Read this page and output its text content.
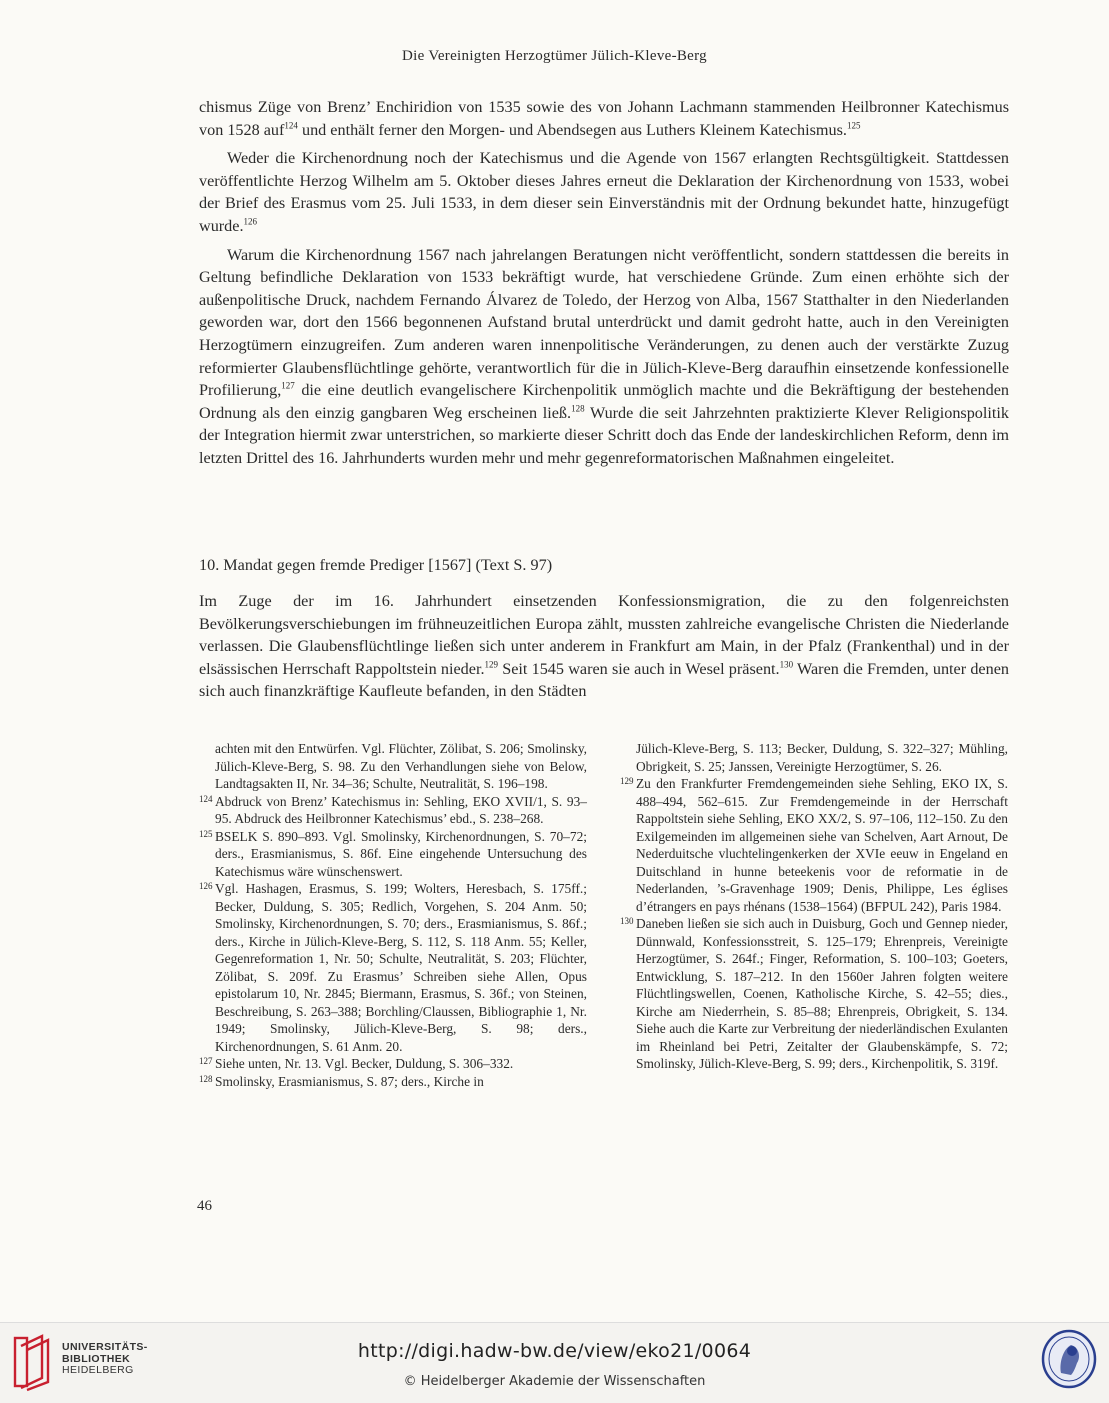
Die Vereinigten Herzogtümer Jülich-Kleve-Berg

chismus Züge von Brenz’ Enchiridion von 1535 sowie des von Johann Lachmann stammenden Heilbronner Katechismus von 1528 auf$^{124}$ und enthält ferner den Morgen- und Abendsegen aus Luthers Kleinem Katechismus.$^{125}$

Weder die Kirchenordnung noch der Katechismus und die Agende von 1567 erlangten Rechtsgültigkeit. Stattdessen veröffentlichte Herzog Wilhelm am 5. Oktober dieses Jahres erneut die Deklaration der Kirchenordnung von 1533, wobei der Brief des Erasmus vom 25. Juli 1533, in dem dieser sein Einverständnis mit der Ordnung bekundet hatte, hinzugefügt wurde.$^{126}$

Warum die Kirchenordnung 1567 nach jahrelangen Beratungen nicht veröffentlicht, sondern stattdessen die bereits in Geltung befindliche Deklaration von 1533 bekräftigt wurde, hat verschiedene Gründe. Zum einen erhöhte sich der außenpolitische Druck, nachdem Fernando Álvarez de Toledo, der Herzog von Alba, 1567 Statthalter in den Niederlanden geworden war, dort den 1566 begonnenen Aufstand brutal unterdrückt und damit gedroht hatte, auch in den Vereinigten Herzogtümern einzugreifen. Zum anderen waren innenpolitische Veränderungen, zu denen auch der verstärkte Zuzug reformierter Glaubensflüchtlinge gehörte, verantwortlich für die in Jülich-Kleve-Berg daraufhin einsetzende konfessionelle Profilierung,$^{127}$ die eine deutlich evangelischere Kirchenpolitik unmöglich machte und die Bekräftigung der bestehenden Ordnung als den einzig gangbaren Weg erscheinen ließ.$^{128}$ Wurde die seit Jahrzehnten praktizierte Klever Religionspolitik der Integration hiermit zwar unterstrichen, so markierte dieser Schritt doch das Ende der landeskirchlichen Reform, denn im letzten Drittel des 16. Jahrhunderts wurden mehr und mehr gegenreformatorischen Maßnahmen eingeleitet.

10. Mandat gegen fremde Prediger [1567] (Text S. 97)

Im Zuge der im 16. Jahrhundert einsetzenden Konfessionsmigration, die zu den folgenreichsten Bevölkerungsverschiebungen im frühneuzeitlichen Europa zählt, mussten zahlreiche evangelische Christen die Niederlande verlassen. Die Glaubensflüchtlinge ließen sich unter anderem in Frankfurt am Main, in der Pfalz (Frankenthal) und in der elsässischen Herrschaft Rappoltstein nieder.$^{129}$ Seit 1545 waren sie auch in Wesel präsent.$^{130}$ Waren die Fremden, unter denen sich auch finanzkräftige Kaufleute befanden, in den Städten

achten mit den Entwürfen. Vgl. Flüchter, Zölibat, S. 206; Smolinsky, Jülich-Kleve-Berg, S. 98. Zu den Verhandlungen siehe von Below, Landtagsakten II, Nr. 34–36; Schulte, Neutralität, S. 196–198.

124 Abdruck von Brenz’ Katechismus in: Sehling, EKO XVII/1, S. 93–95. Abdruck des Heilbronner Katechismus’ ebd., S. 238–268.

125 BSELK S. 890–893. Vgl. Smolinsky, Kirchenordnungen, S. 70–72; ders., Erasmianismus, S. 86f. Eine eingehende Untersuchung des Katechismus wäre wünschenswert.

126 Vgl. Hashagen, Erasmus, S. 199; Wolters, Heresbach, S. 175ff.; Becker, Duldung, S. 305; Redlich, Vorgehen, S. 204 Anm. 50; Smolinsky, Kirchenordnungen, S. 70; ders., Erasmianismus, S. 86f.; ders., Kirche in Jülich-Kleve-Berg, S. 112, S. 118 Anm. 55; Keller, Gegenreformation 1, Nr. 50; Schulte, Neutralität, S. 203; Flüchter, Zölibat, S. 209f. Zu Erasmus’ Schreiben siehe Allen, Opus epistolarum 10, Nr. 2845; Biermann, Erasmus, S. 36f.; von Steinen, Beschreibung, S. 263–388; Borchling/Claussen, Bibliographie 1, Nr. 1949; Smolinsky, Jülich-Kleve-Berg, S. 98; ders., Kirchenordnungen, S. 61 Anm. 20.

127 Siehe unten, Nr. 13. Vgl. Becker, Duldung, S. 306–332.

128 Smolinsky, Erasmianismus, S. 87; ders., Kirche in

Jülich-Kleve-Berg, S. 113; Becker, Duldung, S. 322–327; Mühling, Obrigkeit, S. 25; Janssen, Vereinigte Herzogtümer, S. 26.

129 Zu den Frankfurter Fremdengemeinden siehe Sehling, EKO IX, S. 488–494, 562–615. Zur Fremdengemeinde in der Herrschaft Rappoltstein siehe Sehling, EKO XX/2, S. 97–106, 112–150. Zu den Exilgemeinden im allgemeinen siehe van Schelven, Aart Arnout, De Nederduitsche vluchtelingenkerken der XVIe eeuw in Engeland en Duitschland in hunne beteekenis voor de reformatie in de Nederlanden, ’s-Gravenhage 1909; Denis, Philippe, Les églises d’étrangers en pays rhénans (1538–1564) (BFPUL 242), Paris 1984.

130 Daneben ließen sie sich auch in Duisburg, Goch und Gennep nieder, Dünnwald, Konfessionsstreit, S. 125–179; Ehrenpreis, Vereinigte Herzogtümer, S. 264f.; Finger, Reformation, S. 100–103; Goeters, Entwicklung, S. 187–212. In den 1560er Jahren folgten weitere Flüchtlingswellen, Coenen, Katholische Kirche, S. 42–55; dies., Kirche am Niederrhein, S. 85–88; Ehrenpreis, Obrigkeit, S. 134. Siehe auch die Karte zur Verbreitung der niederländischen Exulanten im Rheinland bei Petri, Zeitalter der Glaubenskämpfe, S. 72; Smolinsky, Jülich-Kleve-Berg, S. 99; ders., Kirchenpolitik, S. 319f.

46
UNIVERSITÄTS-
BIBLIOTHEK
HEIDELBERG
http://digi.hadw-bw.de/view/eko21/0064
© Heidelberger Akademie der Wissenschaften
